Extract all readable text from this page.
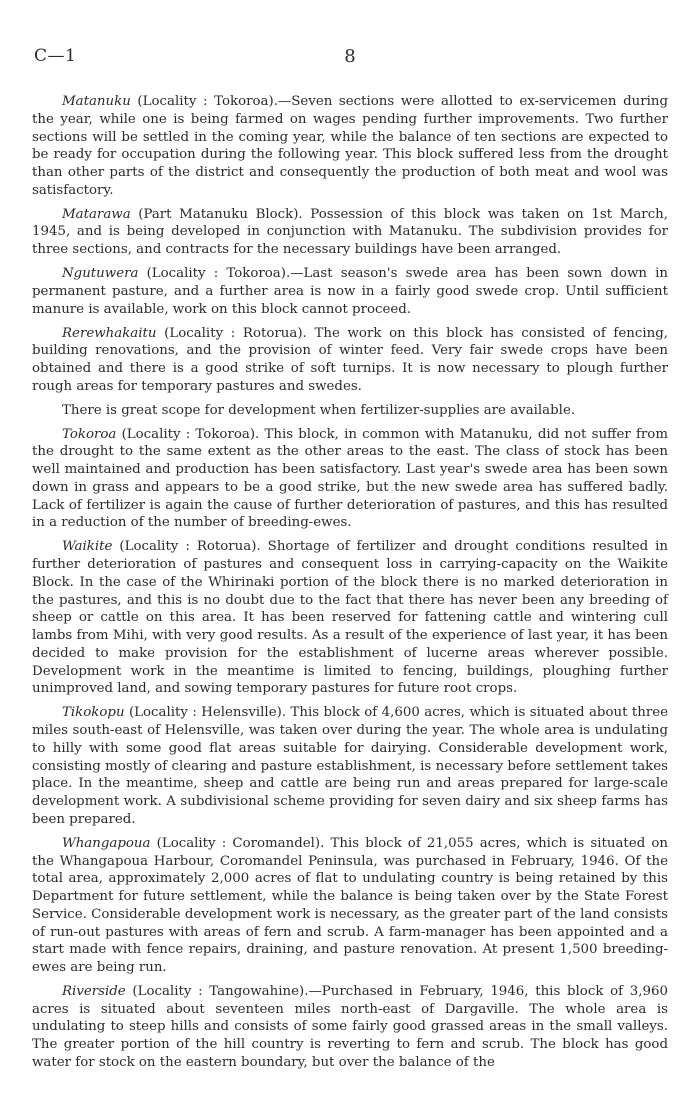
C—1	8

Matanuku (Locality : Tokoroa).—Seven sections were allotted to ex-servicemen during the year, while one is being farmed on wages pending further improvements. Two further sections will be settled in the coming year, while the balance of ten sections are expected to be ready for occupation during the following year. This block suffered less from the drought than other parts of the district and consequently the production of both meat and wool was satisfactory.

Matarawa (Part Matanuku Block). Possession of this block was taken on 1st March, 1945, and is being developed in conjunction with Matanuku. The subdivision provides for three sections, and contracts for the necessary buildings have been arranged.

Ngutuwera (Locality : Tokoroa).—Last season's swede area has been sown down in permanent pasture, and a further area is now in a fairly good swede crop. Until sufficient manure is available, work on this block cannot proceed.

Rerewhakaitu (Locality : Rotorua). The work on this block has consisted of fencing, building renovations, and the provision of winter feed. Very fair swede crops have been obtained and there is a good strike of soft turnips. It is now necessary to plough further rough areas for temporary pastures and swedes.

There is great scope for development when fertilizer-supplies are available.

Tokoroa (Locality : Tokoroa). This block, in common with Matanuku, did not suffer from the drought to the same extent as the other areas to the east. The class of stock has been well maintained and production has been satisfactory. Last year's swede area has been sown down in grass and appears to be a good strike, but the new swede area has suffered badly. Lack of fertilizer is again the cause of further deterioration of pastures, and this has resulted in a reduction of the number of breeding-ewes.

Waikite (Locality : Rotorua). Shortage of fertilizer and drought conditions resulted in further deterioration of pastures and consequent loss in carrying-capacity on the Waikite Block. In the case of the Whirinaki portion of the block there is no marked deterioration in the pastures, and this is no doubt due to the fact that there has never been any breeding of sheep or cattle on this area. It has been reserved for fattening cattle and wintering cull lambs from Mihi, with very good results. As a result of the experience of last year, it has been decided to make provision for the establishment of lucerne areas wherever possible. Development work in the meantime is limited to fencing, buildings, ploughing further unimproved land, and sowing temporary pastures for future root crops.

Tikokopu (Locality : Helensville). This block of 4,600 acres, which is situated about three miles south-east of Helensville, was taken over during the year. The whole area is undulating to hilly with some good flat areas suitable for dairying. Considerable development work, consisting mostly of clearing and pasture establishment, is necessary before settlement takes place. In the meantime, sheep and cattle are being run and areas prepared for large-scale development work. A subdivisional scheme providing for seven dairy and six sheep farms has been prepared.

Whangapoua (Locality : Coromandel). This block of 21,055 acres, which is situated on the Whangapoua Harbour, Coromandel Peninsula, was purchased in February, 1946. Of the total area, approximately 2,000 acres of flat to undulating country is being retained by this Department for future settlement, while the balance is being taken over by the State Forest Service. Considerable development work is necessary, as the greater part of the land consists of run-out pastures with areas of fern and scrub. A farm-manager has been appointed and a start made with fence repairs, draining, and pasture renovation. At present 1,500 breeding-ewes are being run.

Riverside (Locality : Tangowahine).—Purchased in February, 1946, this block of 3,960 acres is situated about seventeen miles north-east of Dargaville. The whole area is undulating to steep hills and consists of some fairly good grassed areas in the small valleys. The greater portion of the hill country is reverting to fern and scrub. The block has good water for stock on the eastern boundary, but over the balance of the
